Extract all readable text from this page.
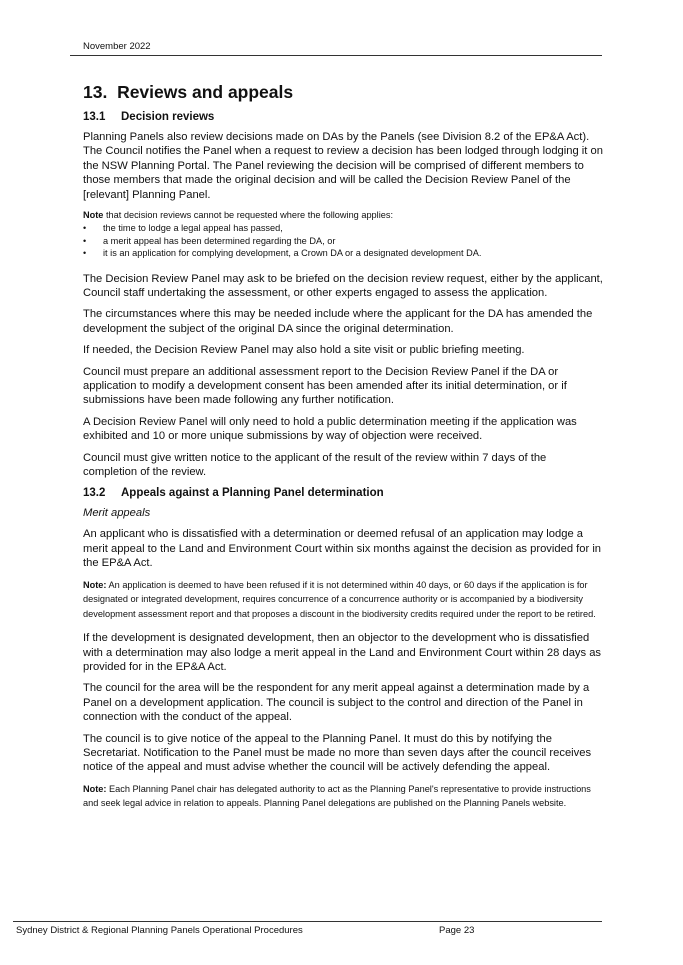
November 2022
13. Reviews and appeals
13.1 Decision reviews

Planning Panels also review decisions made on DAs by the Panels (see Division 8.2 of the EP&A Act). The Council notifies the Panel when a request to review a decision has been lodged through lodging it on the NSW Planning Portal. The Panel reviewing the decision will be comprised of different members to those members that made the original decision and will be called the Decision Review Panel of the [relevant] Planning Panel.

Note that decision reviews cannot be requested where the following applies:

• the time to lodge a legal appeal has passed,
• a merit appeal has been determined regarding the DA, or
• it is an application for complying development, a Crown DA or a designated development DA.

The Decision Review Panel may ask to be briefed on the decision review request, either by the applicant, Council staff undertaking the assessment, or other experts engaged to assess the application.

The circumstances where this may be needed include where the applicant for the DA has amended the development the subject of the original DA since the original determination.

If needed, the Decision Review Panel may also hold a site visit or public briefing meeting.

Council must prepare an additional assessment report to the Decision Review Panel if the DA or application to modify a development consent has been amended after its initial determination, or if submissions have been made following any further notification.

A Decision Review Panel will only need to hold a public determination meeting if the application was exhibited and 10 or more unique submissions by way of objection were received.

Council must give written notice to the applicant of the result of the review within 7 days of the completion of the review.

13.2 Appeals against a Planning Panel determination

Merit appeals

An applicant who is dissatisfied with a determination or deemed refusal of an application may lodge a merit appeal to the Land and Environment Court within six months against the decision as provided for in the EP&A Act.

Note: An application is deemed to have been refused if it is not determined within 40 days, or 60 days if the application is for designated or integrated development, requires concurrence of a concurrence authority or is accompanied by a biodiversity development assessment report and that proposes a discount in the biodiversity credits required under the report to be retired.

If the development is designated development, then an objector to the development who is dissatisfied with a determination may also lodge a merit appeal in the Land and Environment Court within 28 days as provided for in the EP&A Act.

The council for the area will be the respondent for any merit appeal against a determination made by a Panel on a development application. The council is subject to the control and direction of the Panel in connection with the conduct of the appeal.

The council is to give notice of the appeal to the Planning Panel. It must do this by notifying the Secretariat. Notification to the Panel must be made no more than seven days after the council receives notice of the appeal and must advise whether the council will be actively defending the appeal.

Note: Each Planning Panel chair has delegated authority to act as the Planning Panel's representative to provide instructions and seek legal advice in relation to appeals. Planning Panel delegations are published on the Planning Panels website.

Sydney District & Regional Planning Panels Operational Procedures	Page 23
